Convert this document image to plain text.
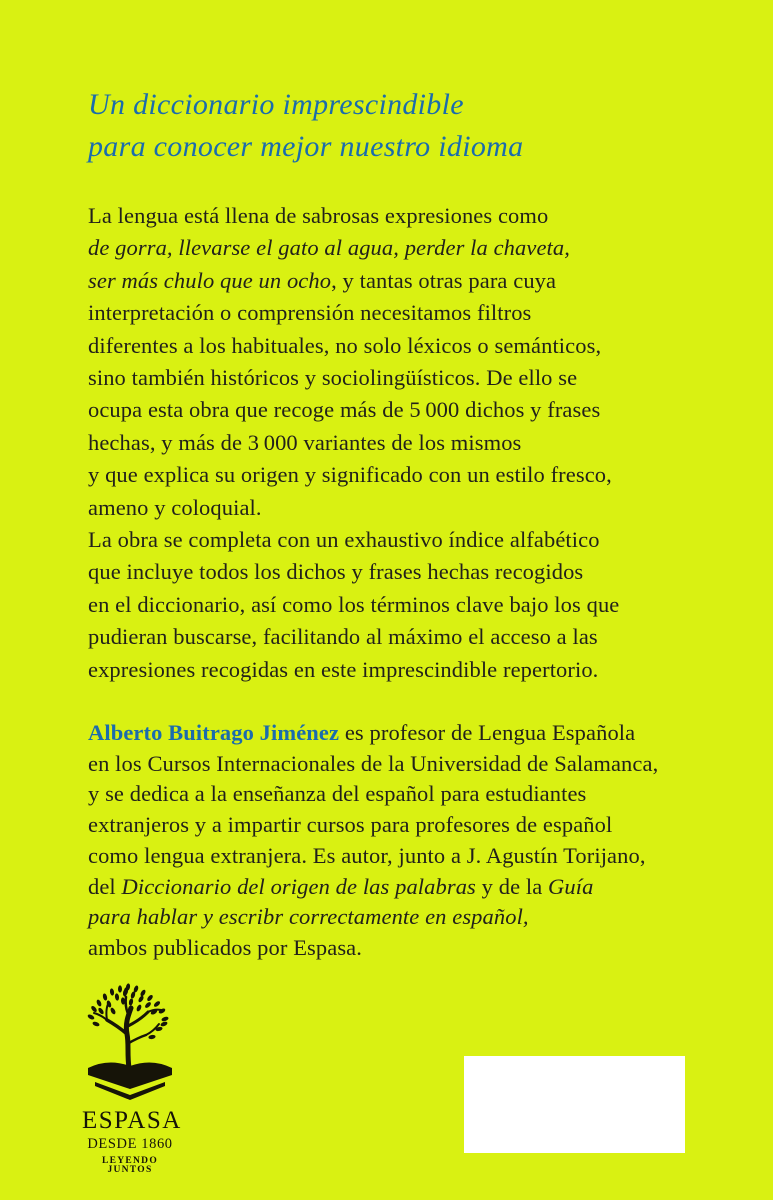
Un diccionario imprescindible
para conocer mejor nuestro idioma
La lengua está llena de sabrosas expresiones como
de gorra, llevarse el gato al agua, perder la chaveta,
ser más chulo que un ocho, y tantas otras para cuya
interpretación o comprensión necesitamos filtros
diferentes a los habituales, no solo léxicos o semánticos,
sino también históricos y sociolingüísticos. De ello se
ocupa esta obra que recoge más de 5 000 dichos y frases
hechas, y más de 3 000 variantes de los mismos
y que explica su origen y significado con un estilo fresco,
ameno y coloquial.
La obra se completa con un exhaustivo índice alfabético
que incluye todos los dichos y frases hechas recogidos
en el diccionario, así como los términos clave bajo los que
pudieran buscarse, facilitando al máximo el acceso a las
expresiones recogidas en este imprescindible repertorio.
Alberto Buitrago Jiménez es profesor de Lengua Española
en los Cursos Internacionales de la Universidad de Salamanca,
y se dedica a la enseñanza del español para estudiantes
extranjeros y a impartir cursos para profesores de español
como lengua extranjera. Es autor, junto a J. Agustín Torijano,
del Diccionario del origen de las palabras y de la Guía
para hablar y escribr correctamente en español,
ambos publicados por Espasa.
ESPASA
DESDE 1860
LEYENDO JUNTOS
